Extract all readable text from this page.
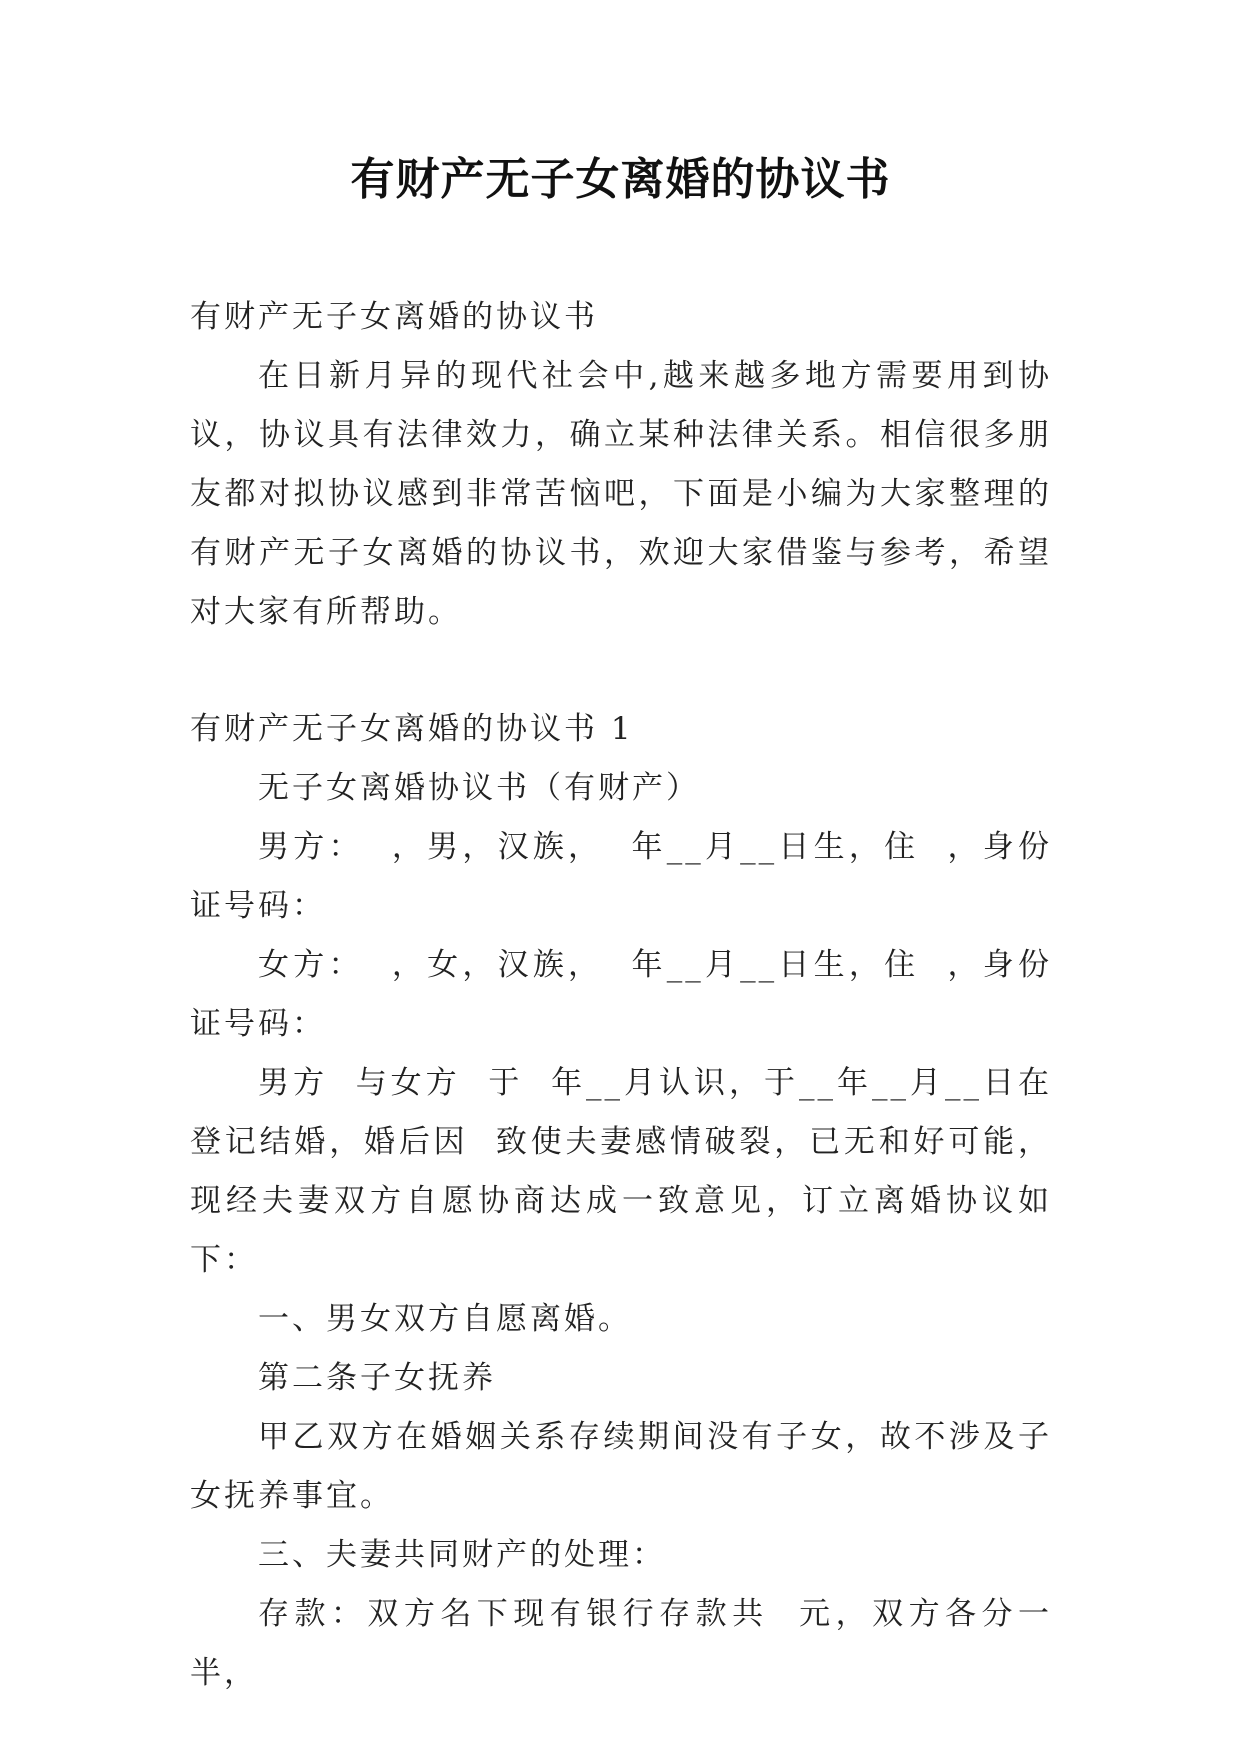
有财产无子女离婚的协议书

有财产无子女离婚的协议书

在日新月异的现代社会中,越来越多地方需要用到协议，协议具有法律效力，确立某种法律关系。相信很多朋友都对拟协议感到非常苦恼吧，下面是小编为大家整理的有财产无子女离婚的协议书，欢迎大家借鉴与参考，希望对大家有所帮助。

有财产无子女离婚的协议书 1

无子女离婚协议书（有财产）

男方：  ，男，汉族，  年__月__日生，住  ，身份证号码：

女方：  ，女，汉族，  年__月__日生，住  ，身份证号码：

男方  与女方  于  年__月认识，于__年__月__日在  登记结婚，婚后因  致使夫妻感情破裂，已无和好可能，现经夫妻双方自愿协商达成一致意见，订立离婚协议如下：

一、男女双方自愿离婚。

第二条子女抚养

甲乙双方在婚姻关系存续期间没有子女，故不涉及子女抚养事宜。

三、夫妻共同财产的处理：

存款：双方名下现有银行存款共  元，双方各分一半，
